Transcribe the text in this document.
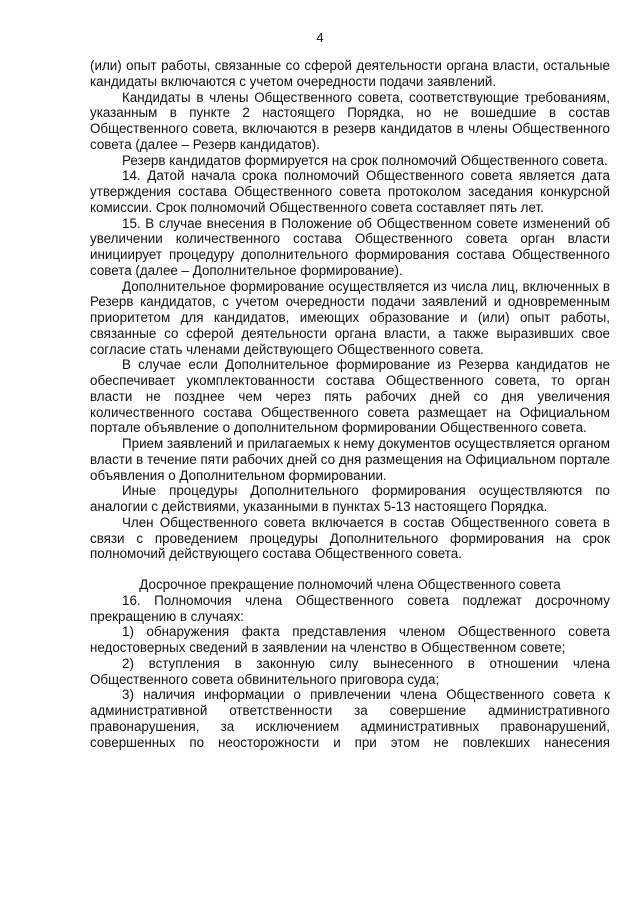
4

(или) опыт работы, связанные со сферой деятельности органа власти, остальные кандидаты включаются с учетом очередности подачи заявлений.

Кандидаты в члены Общественного совета, соответствующие требованиям, указанным в пункте 2 настоящего Порядка, но не вошедшие в состав Общественного совета, включаются в резерв кандидатов в члены Общественного совета (далее – Резерв кандидатов).

Резерв кандидатов формируется на срок полномочий Общественного совета.

14. Датой начала срока полномочий Общественного совета является дата утверждения состава Общественного совета протоколом заседания конкурсной комиссии. Срок полномочий Общественного совета составляет пять лет.

15. В случае внесения в Положение об Общественном совете изменений об увеличении количественного состава Общественного совета орган власти инициирует процедуру дополнительного формирования состава Общественного совета (далее – Дополнительное формирование).

Дополнительное формирование осуществляется из числа лиц, включенных в Резерв кандидатов, с учетом очередности подачи заявлений и одновременным приоритетом для кандидатов, имеющих образование и (или) опыт работы, связанные со сферой деятельности органа власти, а также выразивших свое согласие стать членами действующего Общественного совета.

В случае если Дополнительное формирование из Резерва кандидатов не обеспечивает укомплектованности состава Общественного совета, то орган власти не позднее чем через пять рабочих дней со дня увеличения количественного состава Общественного совета размещает на Официальном портале объявление о дополнительном формировании Общественного совета.

Прием заявлений и прилагаемых к нему документов осуществляется органом власти в течение пяти рабочих дней со дня размещения на Официальном портале объявления о Дополнительном формировании.

Иные процедуры Дополнительного формирования осуществляются по аналогии с действиями, указанными в пунктах 5-13 настоящего Порядка.

Член Общественного совета включается в состав Общественного совета в связи с проведением процедуры Дополнительного формирования на срок полномочий действующего состава Общественного совета.

Досрочное прекращение полномочий члена Общественного совета

16. Полномочия члена Общественного совета подлежат досрочному прекращению в случаях:

1) обнаружения факта представления членом Общественного совета недостоверных сведений в заявлении на членство в Общественном совете;

2) вступления в законную силу вынесенного в отношении члена Общественного совета обвинительного приговора суда;

3) наличия информации о привлечении члена Общественного совета к административной ответственности за совершение административного правонарушения, за исключением административных правонарушений, совершенных по неосторожности и при этом не повлекших нанесения
